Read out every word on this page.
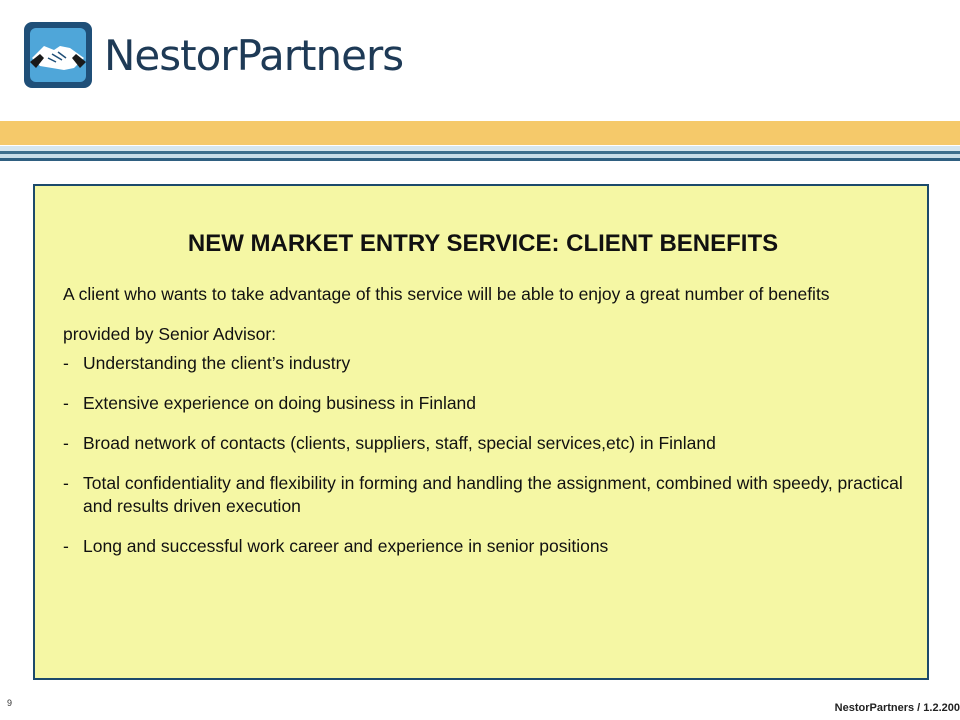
NestorPartners
NEW MARKET ENTRY SERVICE: CLIENT BENEFITS
A client who wants to take advantage of this service will be able to enjoy a great number of benefits provided by Senior Advisor:
- Understanding the client’s industry
- Extensive experience on doing business in Finland
- Broad network of contacts (clients, suppliers, staff, special services,etc) in Finland
- Total confidentiality and flexibility in forming and handling the assignment, combined with speedy, practical and results driven execution
- Long and successful work career and experience in senior positions
9	NestorPartners / 1.2.200
